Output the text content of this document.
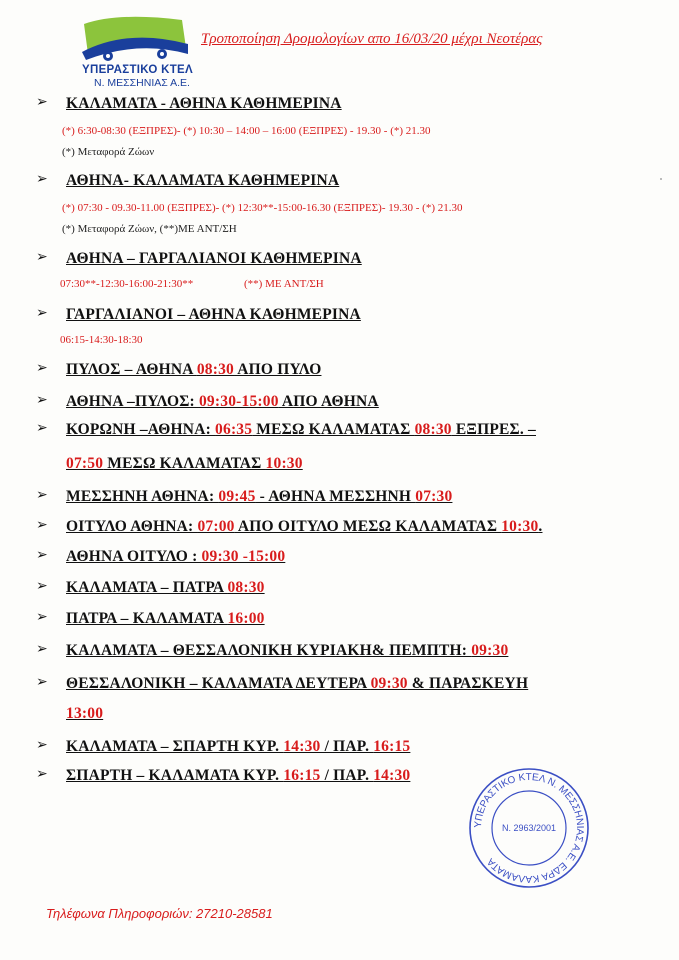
ΥΠΕΡΑΣΤΙΚΟ ΚΤΕΛ
Ν. ΜΕΣΣΗΝΙΑΣ Α.Ε.
Τροποποίηση Δρομολογίων απο 16/03/20 μέχρι Νεοτέρας
➢ ΚΑΛΑΜΑΤΑ - ΑΘΗΝΑ ΚΑΘΗΜΕΡΙΝΑ
(*) 6:30-08:30 (ΕΞΠΡΕΣ)- (*) 10:30 – 14:00 – 16:00 (ΕΞΠΡΕΣ) - 19.30 - (*) 21.30
(*) Μεταφορά Ζώων
➢ ΑΘΗΝΑ- ΚΑΛΑΜΑΤΑ ΚΑΘΗΜΕΡΙΝΑ
(*) 07:30 - 09.30-11.00 (ΕΞΠΡΕΣ)- (*) 12:30**-15:00-16.30 (ΕΞΠΡΕΣ)- 19.30 - (*) 21.30
(*) Μεταφορά Ζώων, (**)ΜΕ ΑΝΤ/ΣΗ
➢ ΑΘΗΝΑ – ΓΑΡΓΑΛΙΑΝΟΙ ΚΑΘΗΜΕΡΙΝΑ
07:30**-12:30-16:00-21:30**	(**) ΜΕ ΑΝΤ/ΣΗ
➢ ΓΑΡΓΑΛΙΑΝΟΙ – ΑΘΗΝΑ ΚΑΘΗΜΕΡΙΝΑ
06:15-14:30-18:30
➢ ΠΥΛΟΣ – ΑΘΗΝΑ 08:30 ΑΠΟ ΠΥΛΟ
➢ ΑΘΗΝΑ –ΠΥΛΟΣ: 09:30-15:00 ΑΠΟ ΑΘΗΝΑ
➢ ΚΟΡΩΝΗ –ΑΘΗΝΑ: 06:35 ΜΕΣΩ ΚΑΛΑΜΑΤΑΣ 08:30 ΕΞΠΡΕΣ. –
07:50 ΜΕΣΩ ΚΑΛΑΜΑΤΑΣ 10:30
➢ ΜΕΣΣΗΝΗ ΑΘΗΝΑ: 09:45 - ΑΘΗΝΑ ΜΕΣΣΗΝΗ 07:30
➢ ΟΙΤΥΛΟ ΑΘΗΝΑ: 07:00 ΑΠΟ ΟΙΤΥΛΟ ΜΕΣΩ ΚΑΛΑΜΑΤΑΣ 10:30.
➢ ΑΘΗΝΑ ΟΙΤΥΛΟ : 09:30 -15:00
➢ ΚΑΛΑΜΑΤΑ – ΠΑΤΡΑ 08:30
➢ ΠΑΤΡΑ – ΚΑΛΑΜΑΤΑ 16:00
➢ ΚΑΛΑΜΑΤΑ – ΘΕΣΣΑΛΟΝΙΚΗ ΚΥΡΙΑΚΗ& ΠΕΜΠΤΗ: 09:30
➢ ΘΕΣΣΑΛΟΝΙΚΗ – ΚΑΛΑΜΑΤΑ ΔΕΥΤΕΡΑ 09:30 & ΠΑΡΑΣΚΕΥΗ
13:00
➢ ΚΑΛΑΜΑΤΑ – ΣΠΑΡΤΗ ΚΥΡ. 14:30 / ΠΑΡ. 16:15
➢ ΣΠΑΡΤΗ – ΚΑΛΑΜΑΤΑ ΚΥΡ. 16:15 / ΠΑΡ. 14:30
ΥΠΕΡΑΣΤΙΚΟ ΚΤΕΛ Ν. ΜΕΣΣΗΝΙΑΣ Α.Ε. ΕΔΡΑ ΚΑΛΑΜΑΤΑ
Ν. 2963/2001
Τηλέφωνα Πληροφοριών: 27210-28581
